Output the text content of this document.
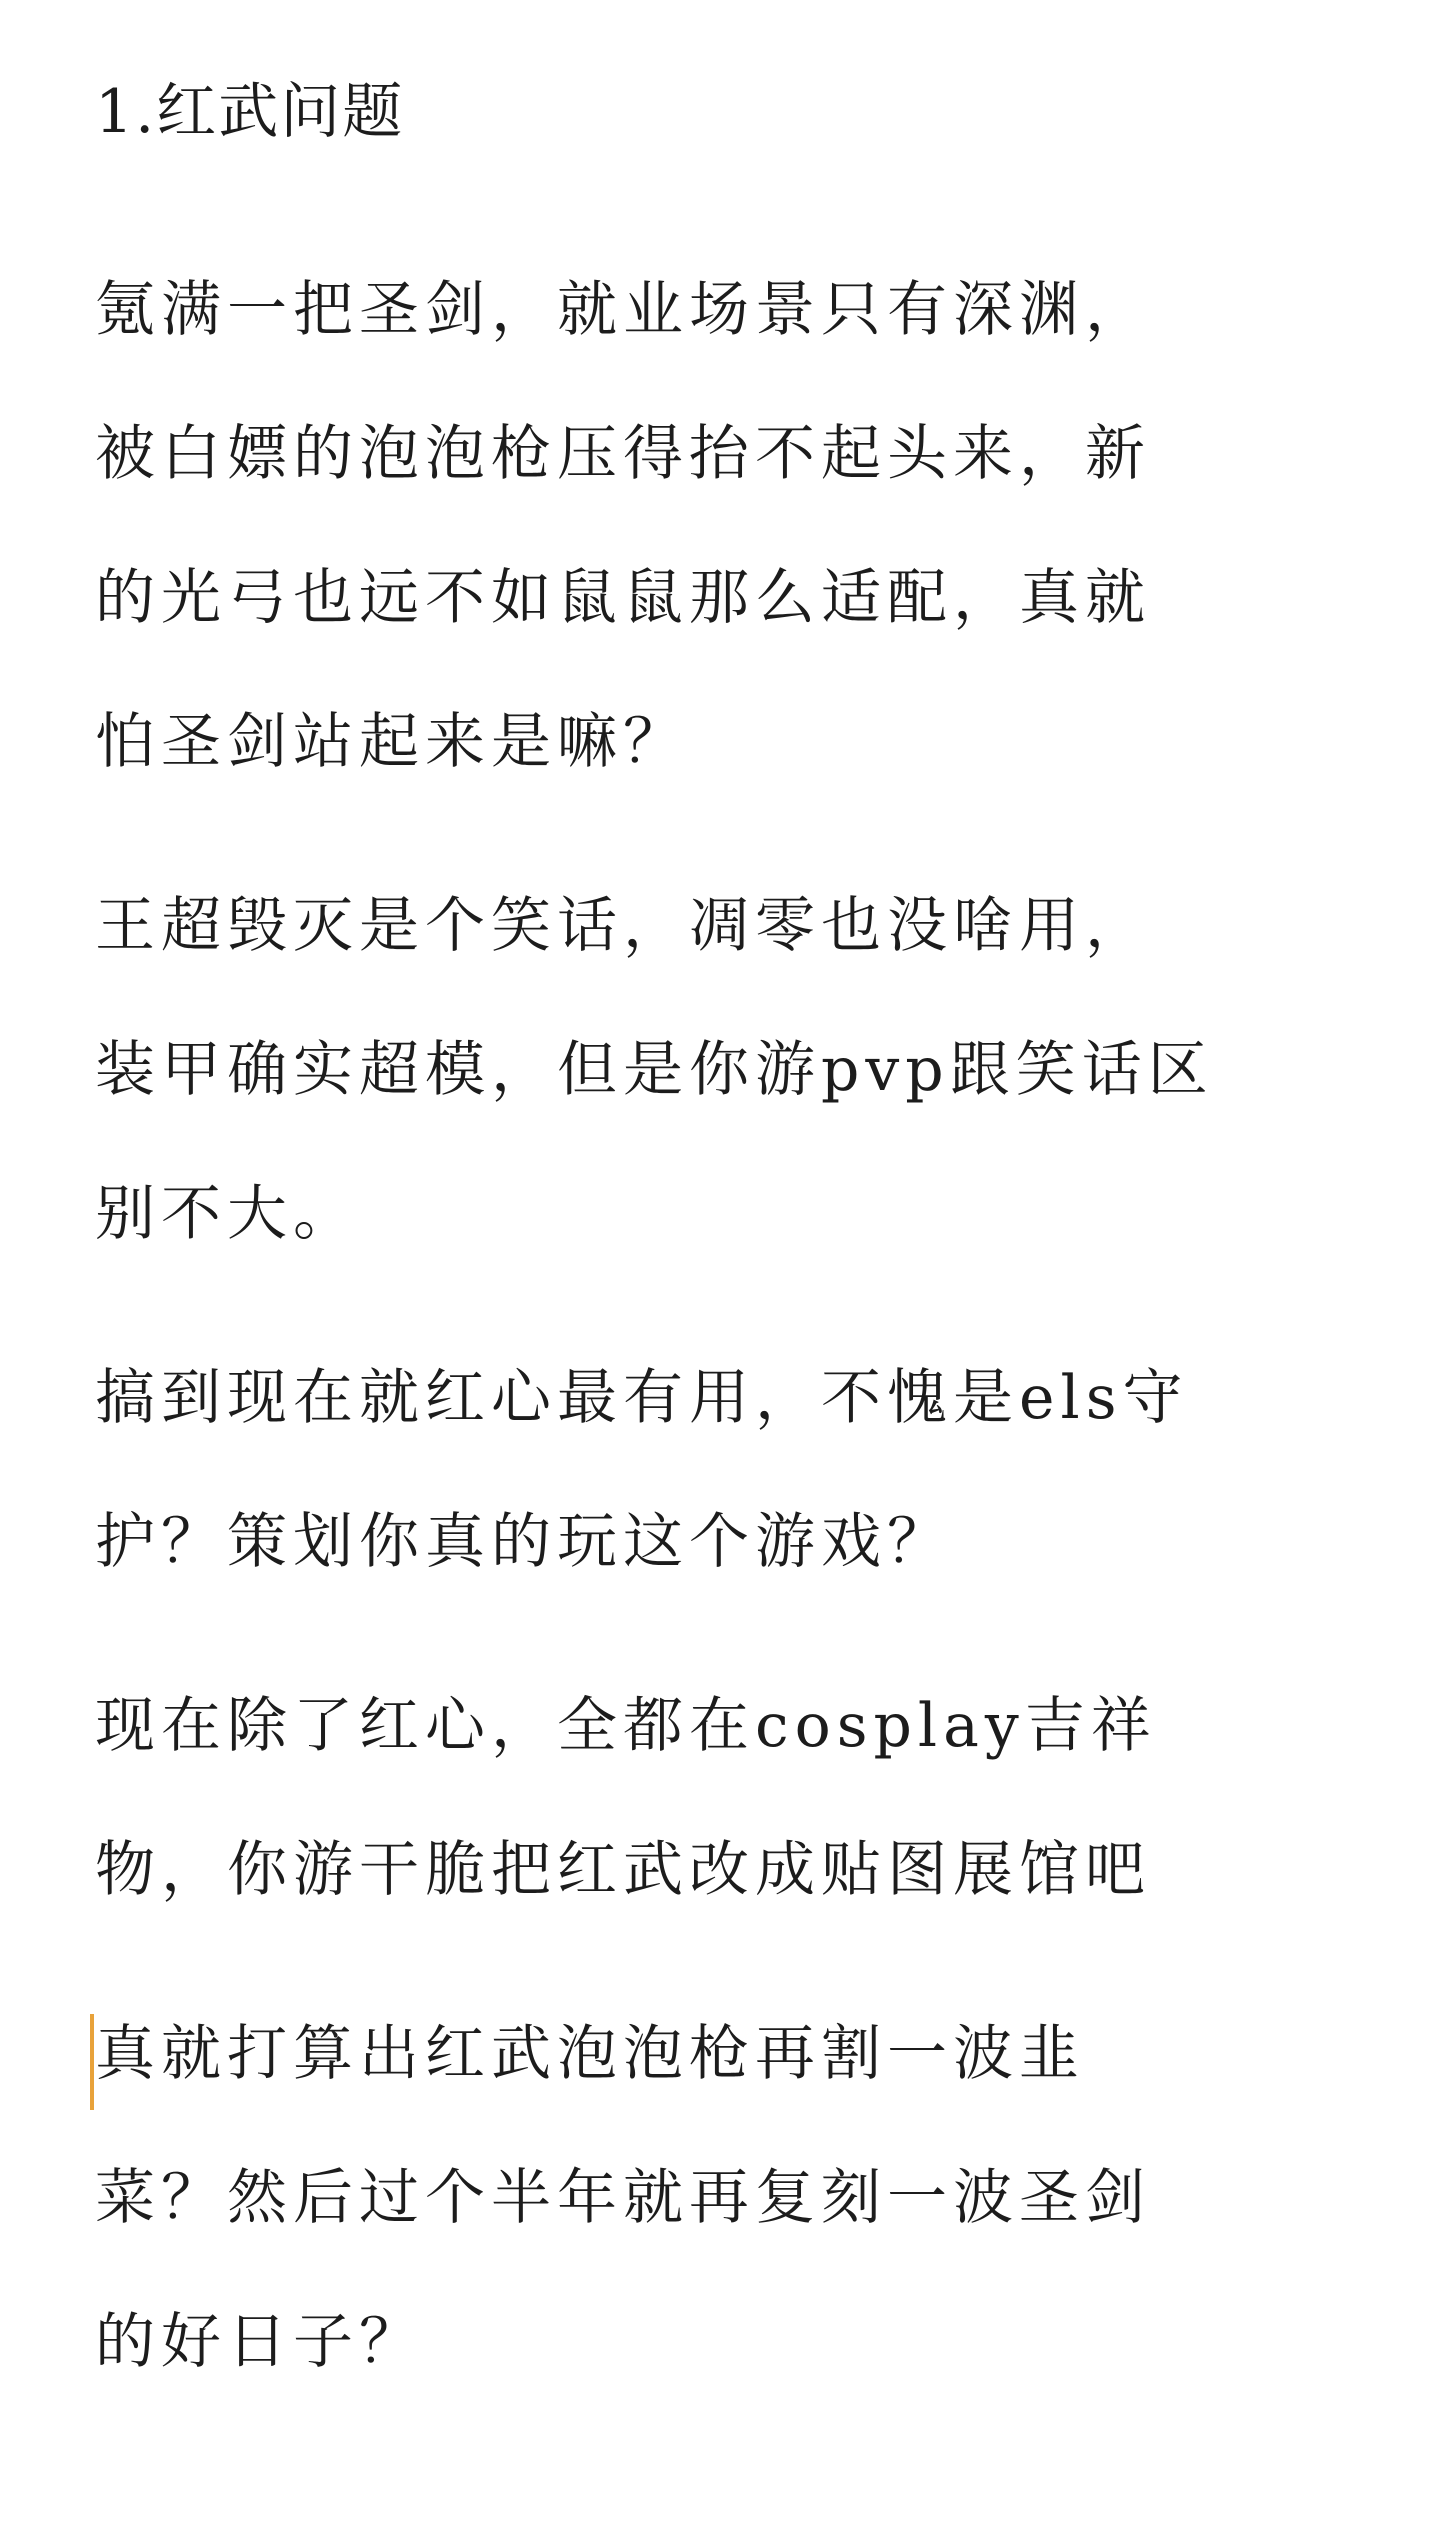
1.红武问题

氪满一把圣剑，就业场景只有深渊，
被白嫖的泡泡枪压得抬不起头来，新
的光弓也远不如鼠鼠那么适配，真就
怕圣剑站起来是嘛？

王超毁灭是个笑话，凋零也没啥用，
装甲确实超模，但是你游pvp跟笑话区
别不大。

搞到现在就红心最有用，不愧是els守
护？策划你真的玩这个游戏？

现在除了红心，全都在cosplay吉祥
物，你游干脆把红武改成贴图展馆吧

真就打算出红武泡泡枪再割一波韭
菜？然后过个半年就再复刻一波圣剑
的好日子？
